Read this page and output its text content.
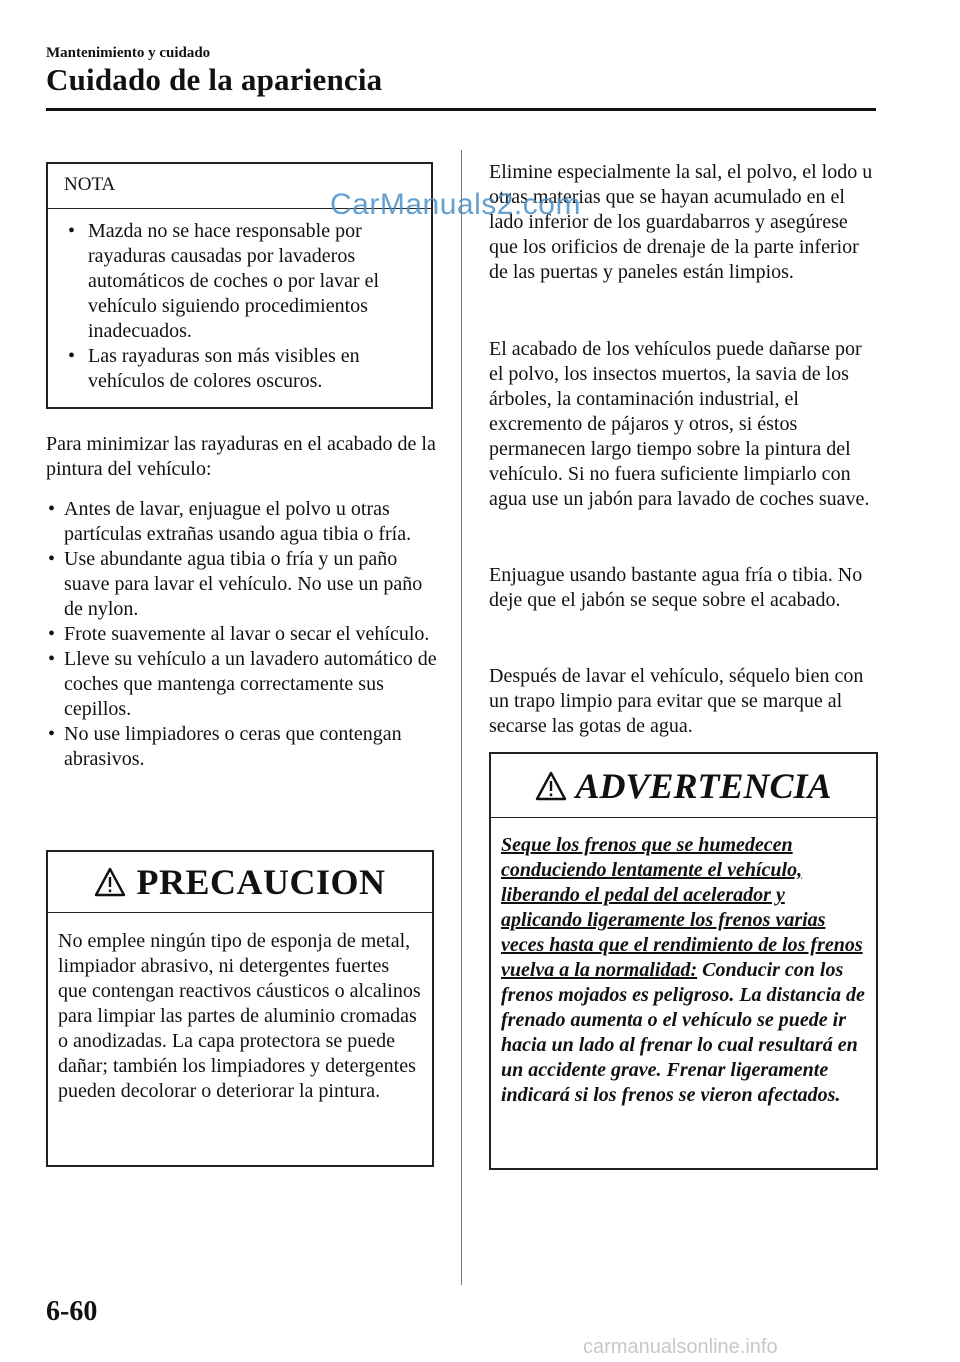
Mantenimiento y cuidado
Cuidado de la apariencia
NOTA
• Mazda no se hace responsable por rayaduras causadas por lavaderos automáticos de coches o por lavar el vehículo siguiendo procedimientos inadecuados.
• Las rayaduras son más visibles en vehículos de colores oscuros.
Para minimizar las rayaduras en el acabado de la pintura del vehículo:
• Antes de lavar, enjuague el polvo u otras partículas extrañas usando agua tibia o fría.
• Use abundante agua tibia o fría y un paño suave para lavar el vehículo. No use un paño de nylon.
• Frote suavemente al lavar o secar el vehículo.
• Lleve su vehículo a un lavadero automático de coches que mantenga correctamente sus cepillos.
• No use limpiadores o ceras que contengan abrasivos.
PRECAUCION
No emplee ningún tipo de esponja de metal, limpiador abrasivo, ni detergentes fuertes que contengan reactivos cáusticos o alcalinos para limpiar las partes de aluminio cromadas o anodizadas. La capa protectora se puede dañar; también los limpiadores y detergentes pueden decolorar o deteriorar la pintura.
Elimine especialmente la sal, el polvo, el lodo u otras materias que se hayan acumulado en el lado inferior de los guardabarros y asegúrese que los orificios de drenaje de la parte inferior de las puertas y paneles están limpios.
El acabado de los vehículos puede dañarse por el polvo, los insectos muertos, la savia de los árboles, la contaminación industrial, el excremento de pájaros y otros, si éstos permanecen largo tiempo sobre la pintura del vehículo. Si no fuera suficiente limpiarlo con agua use un jabón para lavado de coches suave.
Enjuague usando bastante agua fría o tibia. No deje que el jabón se seque sobre el acabado.
Después de lavar el vehículo, séquelo bien con un trapo limpio para evitar que se marque al secarse las gotas de agua.
ADVERTENCIA
Seque los frenos que se humedecen conduciendo lentamente el vehículo, liberando el pedal del acelerador y aplicando ligeramente los frenos varias veces hasta que el rendimiento de los frenos vuelva a la normalidad: Conducir con los frenos mojados es peligroso. La distancia de frenado aumenta o el vehículo se puede ir hacia un lado al frenar lo cual resultará en un accidente grave. Frenar ligeramente indicará si los frenos se vieron afectados.
6-60
CarManuals2.com
carmanualsonline.info
